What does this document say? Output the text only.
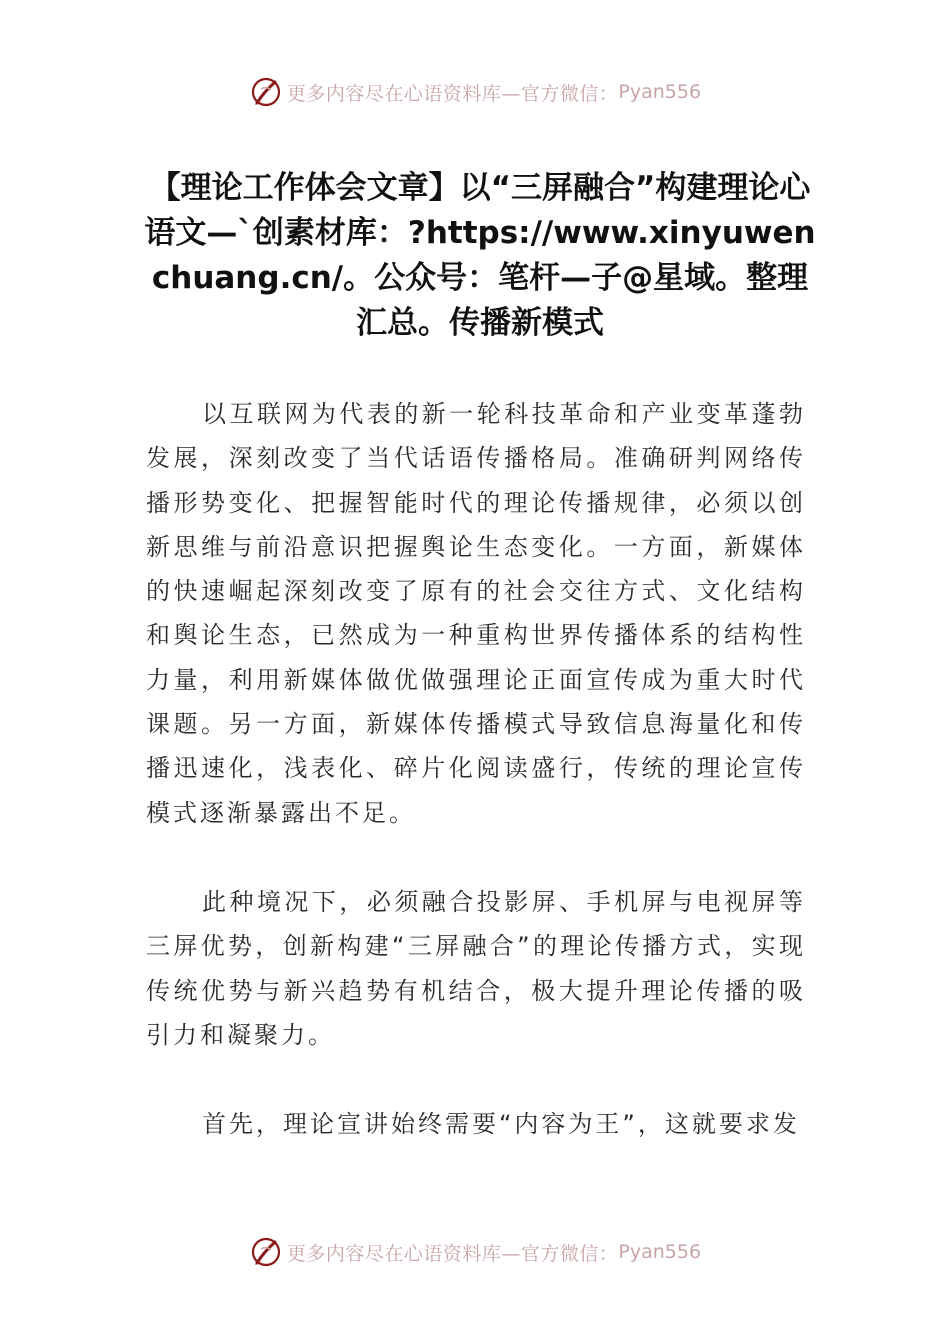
更多内容尽在心语资料库—官方微信： Pyan556
【理论工作体会文章】以“三屏融合”构建理论心语文—`创素材库：?https://www.xinyuwenchuang.cn/。公众号：笔杆—子@星域。整理汇总。传播新模式

以互联网为代表的新一轮科技革命和产业变革蓬勃发展，深刻改变了当代话语传播格局。准确研判网络传播形势变化、把握智能时代的理论传播规律，必须以创新思维与前沿意识把握舆论生态变化。一方面，新媒体的快速崛起深刻改变了原有的社会交往方式、文化结构和舆论生态，已然成为一种重构世界传播体系的结构性力量，利用新媒体做优做强理论正面宣传成为重大时代课题。另一方面，新媒体传播模式导致信息海量化和传播迅速化，浅表化、碎片化阅读盛行，传统的理论宣传模式逐渐暴露出不足。

此种境况下，必须融合投影屏、手机屏与电视屏等三屏优势，创新构建“三屏融合”的理论传播方式，实现传统优势与新兴趋势有机结合，极大提升理论传播的吸引力和凝聚力。

首先，理论宣讲始终需要“内容为王”，这就要求发

更多内容尽在心语资料库—官方微信： Pyan556
